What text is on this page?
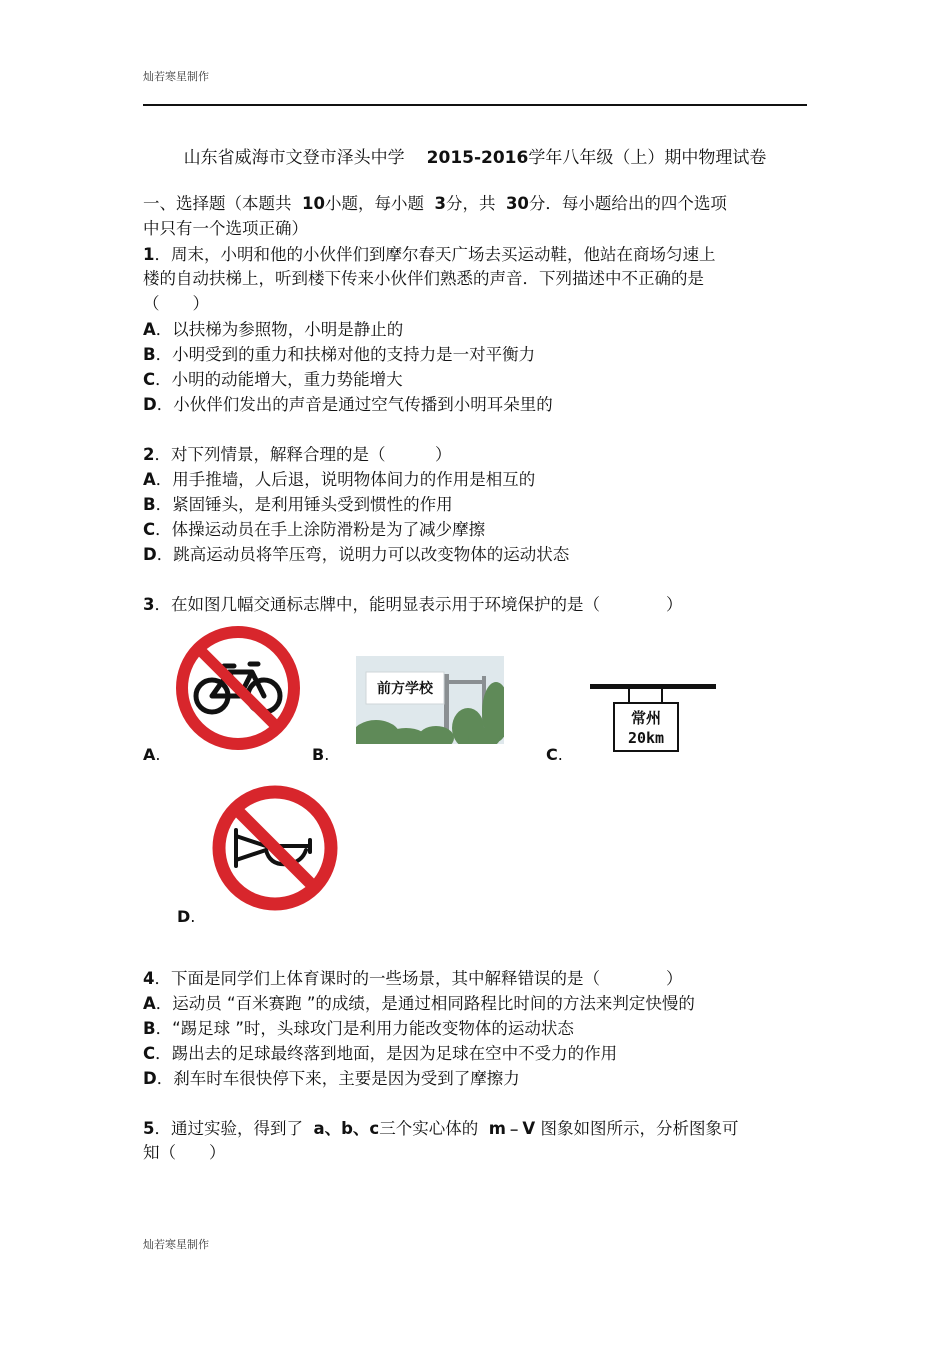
灿若寒星制作
山东省威海市文登市泽头中学 2015-2016学年八年级（上）期中物理试卷
一、选择题（本题共 10小题，每小题 3分，共 30分．每小题给出的四个选项
中只有一个选项正确）
1．周末，小明和他的小伙伴们到摩尔春天广场去买运动鞋，他站在商场匀速上
楼的自动扶梯上，听到楼下传来小伙伴们熟悉的声音．下列描述中不正确的是
（　　）
A．以扶梯为参照物，小明是静止的
B．小明受到的重力和扶梯对他的支持力是一对平衡力
C．小明的动能增大，重力势能增大
D．小伙伴们发出的声音是通过空气传播到小明耳朵里的
2．对下列情景，解释合理的是（　　　）
A．用手推墙，人后退，说明物体间力的作用是相互的
B．紧固锤头，是利用锤头受到惯性的作用
C．体操运动员在手上涂防滑粉是为了减少摩擦
D．跳高运动员将竿压弯，说明力可以改变物体的运动状态
3．在如图几幅交通标志牌中，能明显表示用于环境保护的是（　　　　）
A.
前方学校
B.
常州
20km
C.
D.
4．下面是同学们上体育课时的一些场景，其中解释错误的是（　　　　）
A．运动员 “百米赛跑 ”的成绩，是通过相同路程比时间的方法来判定快慢的
B．“踢足球 ”时，头球攻门是利用力能改变物体的运动状态
C．踢出去的足球最终落到地面，是因为足球在空中不受力的作用
D．刹车时车很快停下来，主要是因为受到了摩擦力
5．通过实验，得到了 a、b、c三个实心体的 m﹣V 图象如图所示，分析图象可
知（　　）
灿若寒星制作
